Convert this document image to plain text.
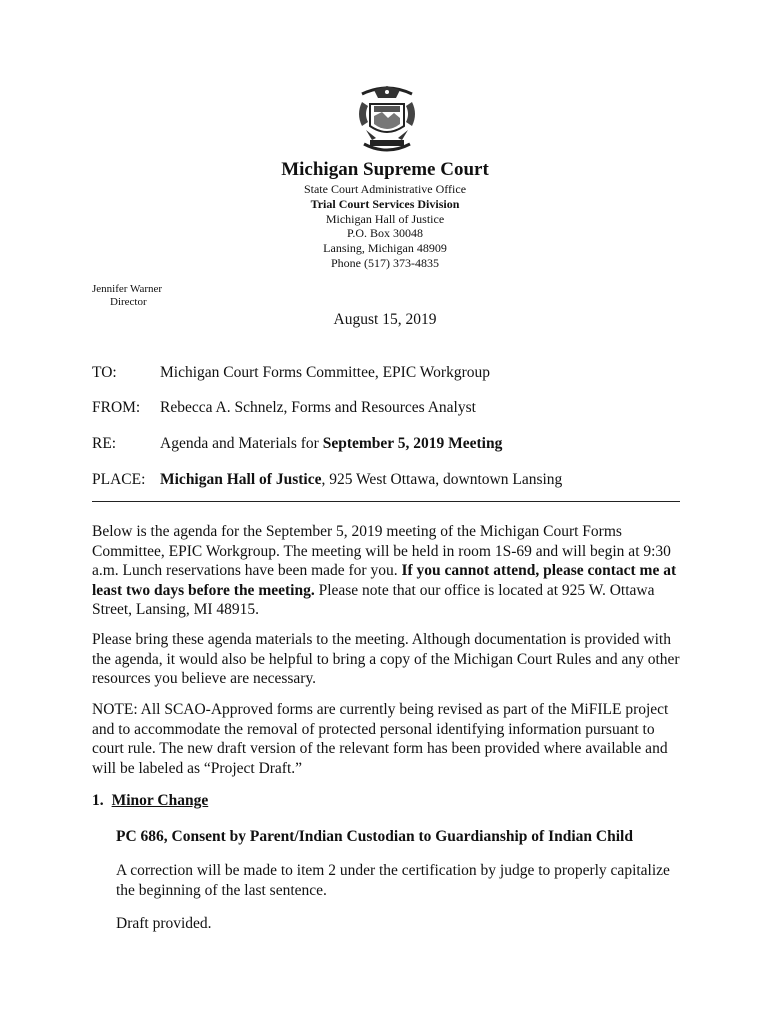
Michigan Supreme Court
State Court Administrative Office
Trial Court Services Division
Michigan Hall of Justice
P.O. Box 30048
Lansing, Michigan 48909
Phone (517) 373-4835
Jennifer Warner
Director
August 15, 2019
TO:	Michigan Court Forms Committee, EPIC Workgroup
FROM: Rebecca A. Schnelz, Forms and Resources Analyst
RE:	Agenda and Materials for September 5, 2019 Meeting
PLACE: Michigan Hall of Justice, 925 West Ottawa, downtown Lansing
Below is the agenda for the September 5, 2019 meeting of the Michigan Court Forms Committee, EPIC Workgroup. The meeting will be held in room 1S-69 and will begin at 9:30 a.m. Lunch reservations have been made for you. If you cannot attend, please contact me at least two days before the meeting. Please note that our office is located at 925 W. Ottawa Street, Lansing, MI 48915.
Please bring these agenda materials to the meeting. Although documentation is provided with the agenda, it would also be helpful to bring a copy of the Michigan Court Rules and any other resources you believe are necessary.
NOTE: All SCAO-Approved forms are currently being revised as part of the MiFILE project and to accommodate the removal of protected personal identifying information pursuant to court rule. The new draft version of the relevant form has been provided where available and will be labeled as “Project Draft.”
1. Minor Change
PC 686, Consent by Parent/Indian Custodian to Guardianship of Indian Child
A correction will be made to item 2 under the certification by judge to properly capitalize the beginning of the last sentence.
Draft provided.
